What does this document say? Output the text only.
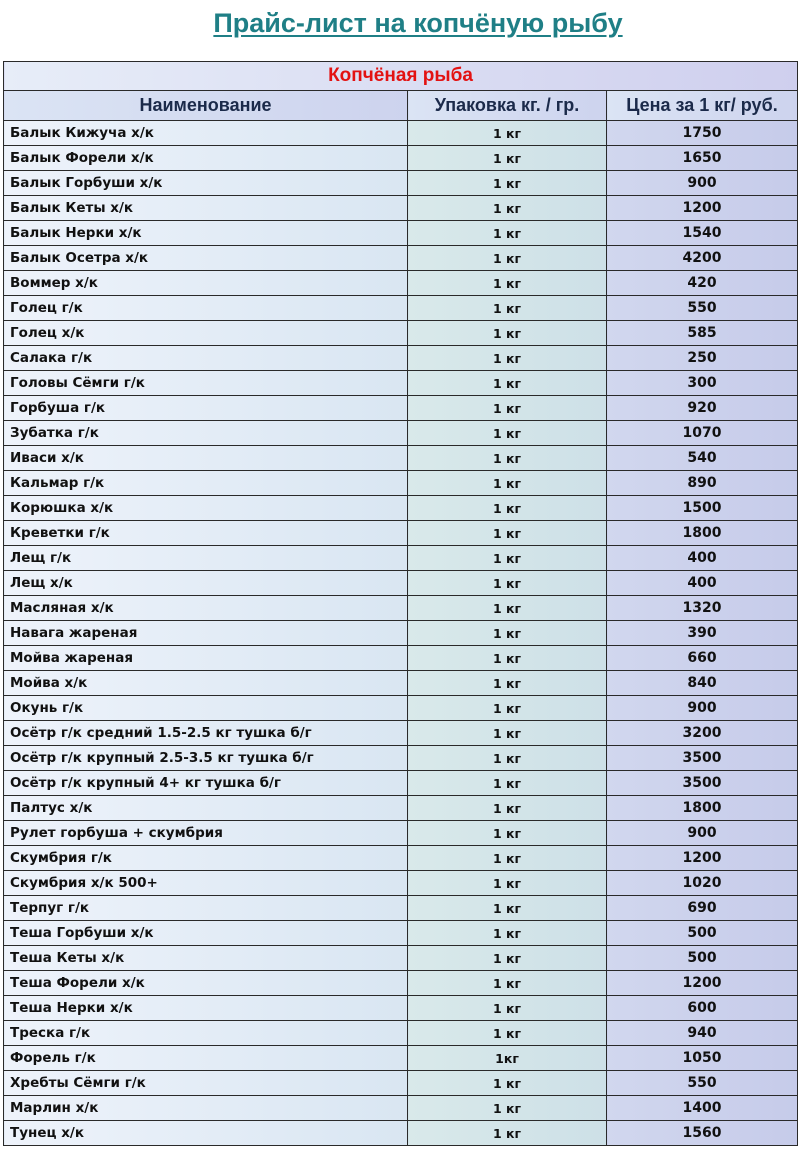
Прайс-лист на копчёную рыбу
Копчёная рыба		
Наименование	Упаковка кг. / гр.	Цена за 1 кг/ руб.
Балык Кижуча х/к	1 кг	1750
Балык Форели х/к	1 кг	1650
Балык Горбуши х/к	1 кг	900
Балык Кеты х/к	1 кг	1200
Балык Нерки х/к	1 кг	1540
Балык Осетра х/к	1 кг	4200
Воммер х/к	1 кг	420
Голец г/к	1 кг	550
Голец х/к	1 кг	585
Салака г/к	1 кг	250
Головы Сёмги г/к	1 кг	300
Горбуша г/к	1 кг	920
Зубатка г/к	1 кг	1070
Иваси х/к	1 кг	540
Кальмар г/к	1 кг	890
Корюшка х/к	1 кг	1500
Креветки г/к	1 кг	1800
Лещ г/к	1 кг	400
Лещ х/к	1 кг	400
Масляная х/к	1 кг	1320
Навага жареная	1 кг	390
Мойва жареная	1 кг	660
Мойва х/к	1 кг	840
Окунь г/к	1 кг	900
Осётр г/к средний 1.5-2.5 кг тушка б/г	1 кг	3200
Осётр г/к крупный 2.5-3.5 кг тушка б/г	1 кг	3500
Осётр г/к крупный 4+ кг тушка б/г	1 кг	3500
Палтус х/к	1 кг	1800
Рулет горбуша + скумбрия	1 кг	900
Скумбрия г/к	1 кг	1200
Скумбрия х/к 500+	1 кг	1020
Терпуг г/к	1 кг	690
Теша Горбуши х/к	1 кг	500
Теша Кеты х/к	1 кг	500
Теша Форели х/к	1 кг	1200
Теша Нерки х/к	1 кг	600
Треска г/к	1 кг	940
Форель г/к	1кг	1050
Хребты Сёмги г/к	1 кг	550
Марлин х/к	1 кг	1400
Тунец х/к	1 кг	1560
